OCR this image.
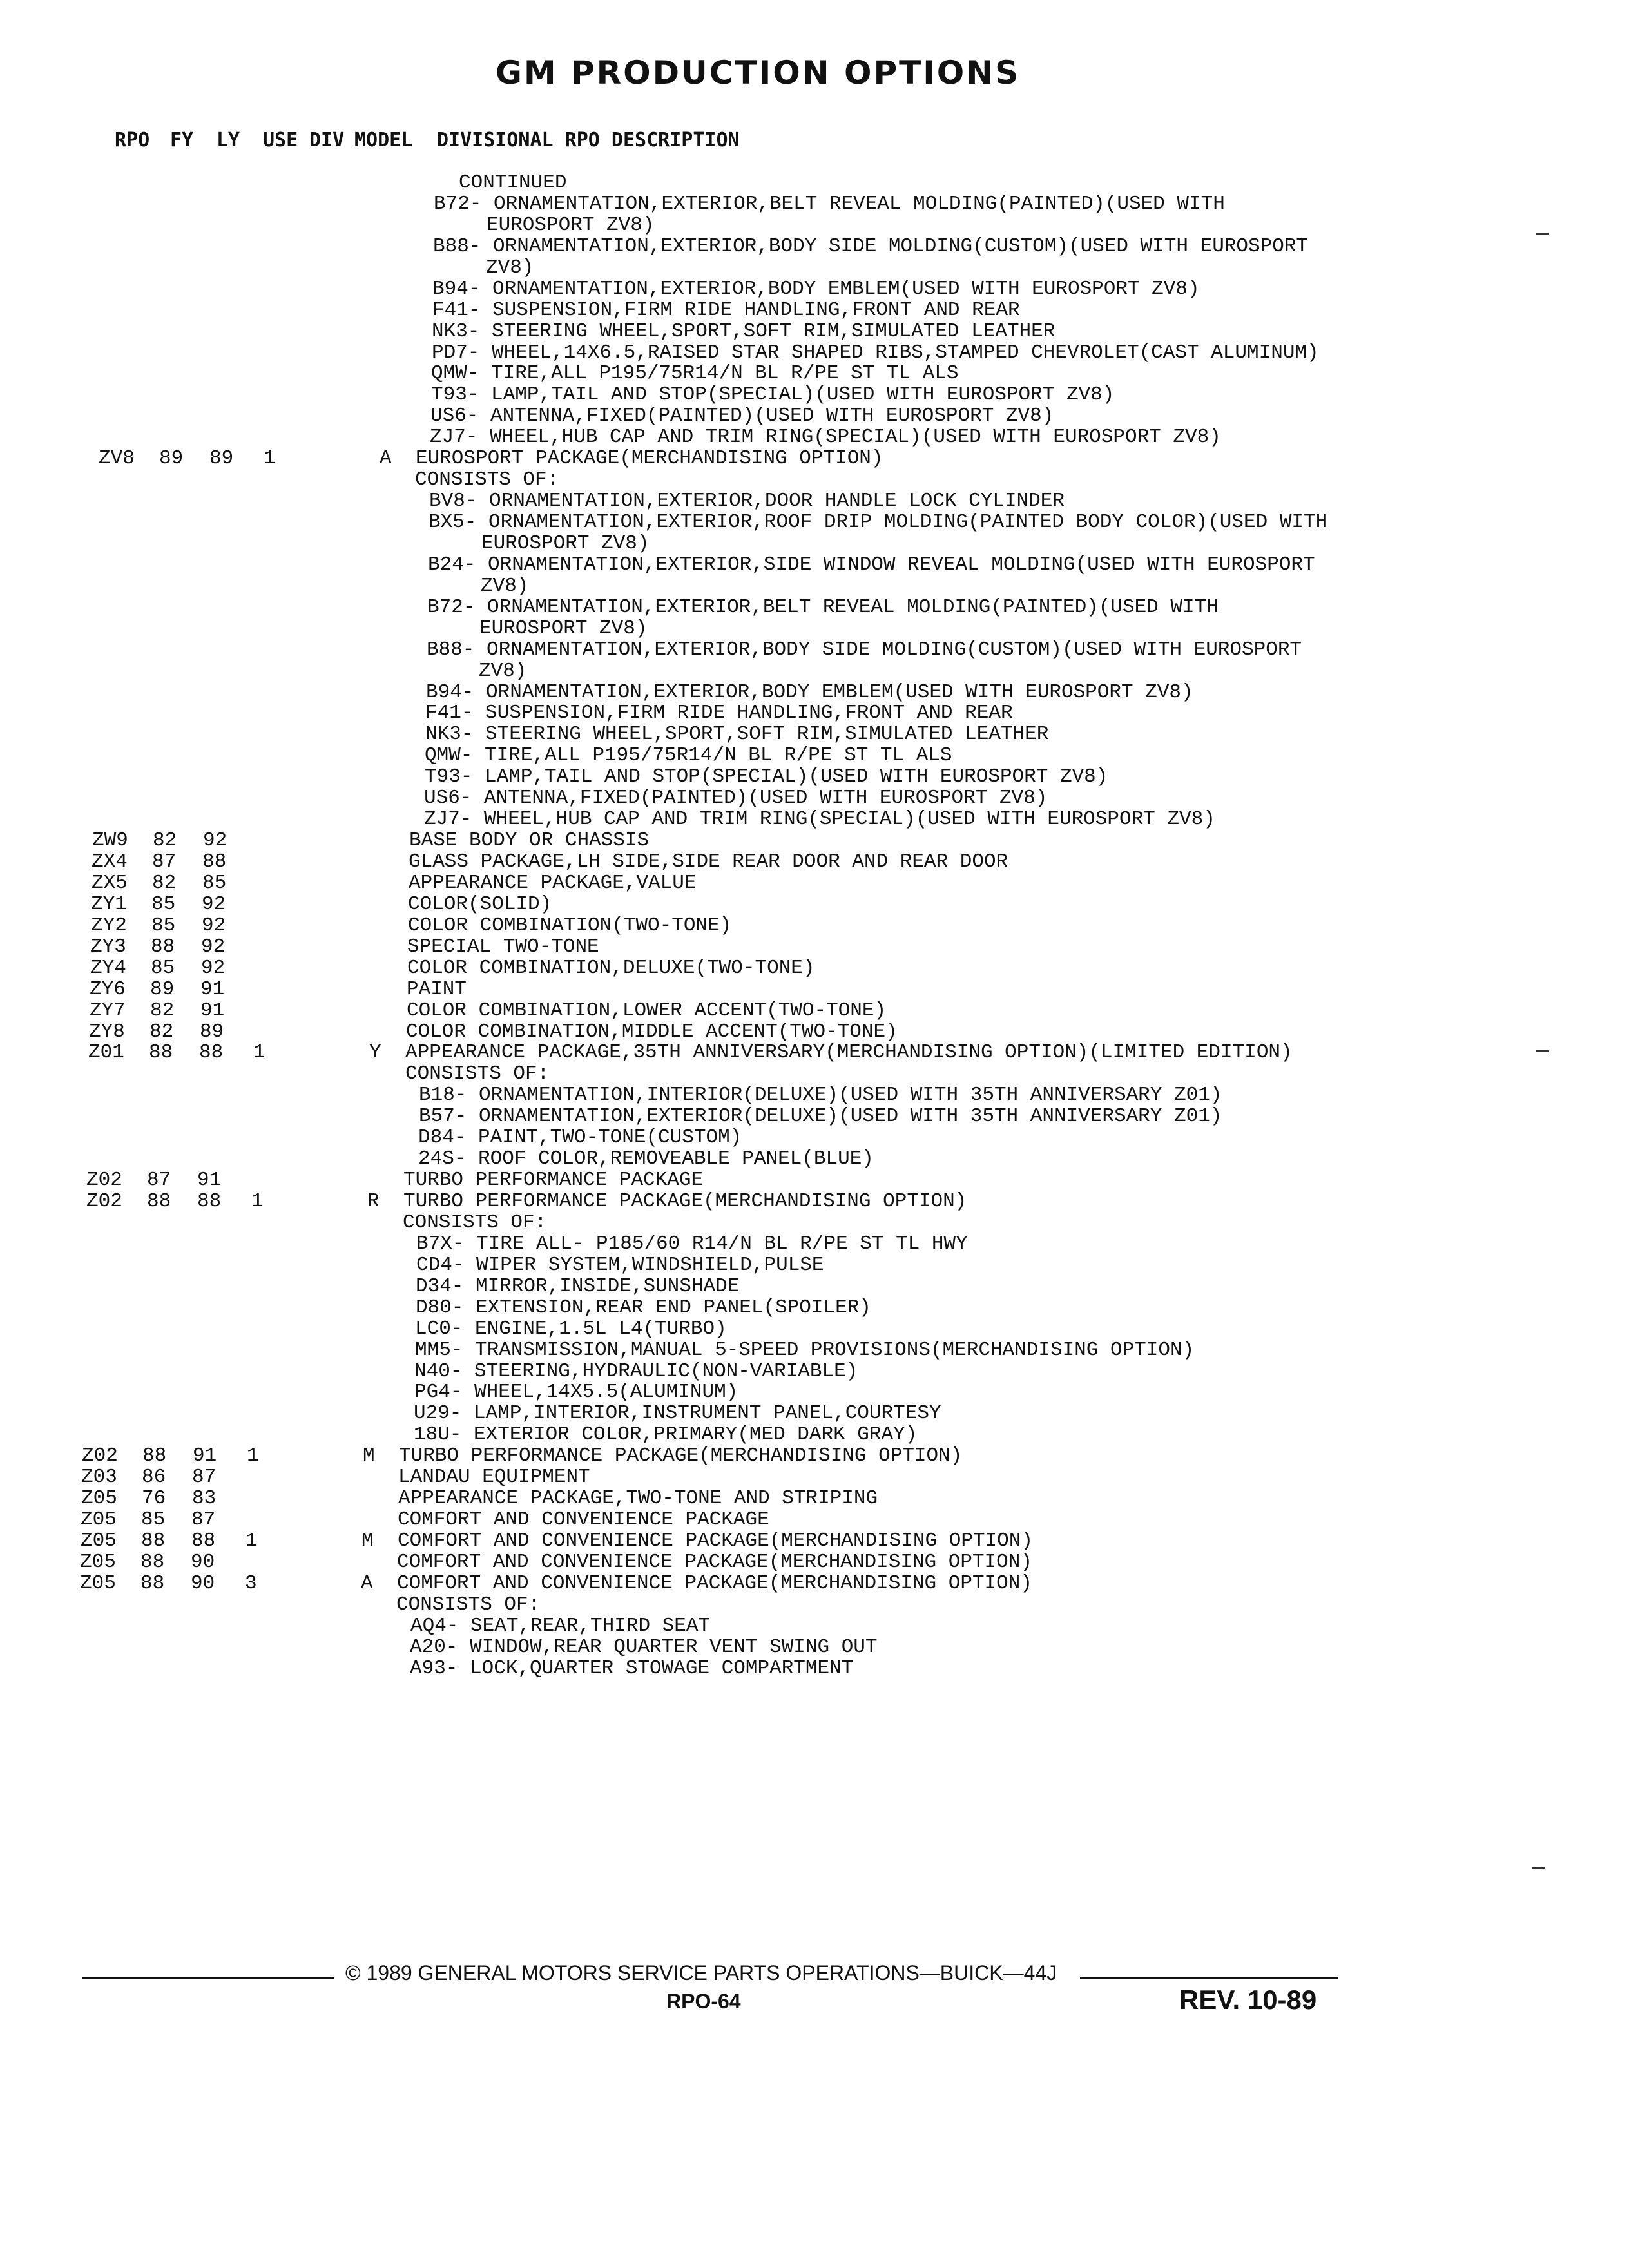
GM PRODUCTION OPTIONS
RPO FY LY USE DIV MODEL DIVISIONAL RPO DESCRIPTION
CONTINUED
B72- ORNAMENTATION,EXTERIOR,BELT REVEAL MOLDING(PAINTED)(USED WITH
EUROSPORT ZV8)
B88- ORNAMENTATION,EXTERIOR,BODY SIDE MOLDING(CUSTOM)(USED WITH EUROSPORT
ZV8)
B94- ORNAMENTATION,EXTERIOR,BODY EMBLEM(USED WITH EUROSPORT ZV8)
F41- SUSPENSION,FIRM RIDE HANDLING,FRONT AND REAR
NK3- STEERING WHEEL,SPORT,SOFT RIM,SIMULATED LEATHER
PD7- WHEEL,14X6.5,RAISED STAR SHAPED RIBS,STAMPED CHEVROLET(CAST ALUMINUM)
QMW- TIRE,ALL P195/75R14/N BL R/PE ST TL ALS
T93- LAMP,TAIL AND STOP(SPECIAL)(USED WITH EUROSPORT ZV8)
US6- ANTENNA,FIXED(PAINTED)(USED WITH EUROSPORT ZV8)
ZJ7- WHEEL,HUB CAP AND TRIM RING(SPECIAL)(USED WITH EUROSPORT ZV8)
ZV8 89 89 1	A EUROSPORT PACKAGE(MERCHANDISING OPTION)
CONSISTS OF:
BV8- ORNAMENTATION,EXTERIOR,DOOR HANDLE LOCK CYLINDER
BX5- ORNAMENTATION,EXTERIOR,ROOF DRIP MOLDING(PAINTED BODY COLOR)(USED WITH
EUROSPORT ZV8)
B24- ORNAMENTATION,EXTERIOR,SIDE WINDOW REVEAL MOLDING(USED WITH EUROSPORT
ZV8)
B72- ORNAMENTATION,EXTERIOR,BELT REVEAL MOLDING(PAINTED)(USED WITH
EUROSPORT ZV8)
B88- ORNAMENTATION,EXTERIOR,BODY SIDE MOLDING(CUSTOM)(USED WITH EUROSPORT
ZV8)
B94- ORNAMENTATION,EXTERIOR,BODY EMBLEM(USED WITH EUROSPORT ZV8)
F41- SUSPENSION,FIRM RIDE HANDLING,FRONT AND REAR
NK3- STEERING WHEEL,SPORT,SOFT RIM,SIMULATED LEATHER
QMW- TIRE,ALL P195/75R14/N BL R/PE ST TL ALS
T93- LAMP,TAIL AND STOP(SPECIAL)(USED WITH EUROSPORT ZV8)
US6- ANTENNA,FIXED(PAINTED)(USED WITH EUROSPORT ZV8)
ZJ7- WHEEL,HUB CAP AND TRIM RING(SPECIAL)(USED WITH EUROSPORT ZV8)
ZW9 82 92	BASE BODY OR CHASSIS
ZX4 87 88	GLASS PACKAGE,LH SIDE,SIDE REAR DOOR AND REAR DOOR
ZX5 82 85	APPEARANCE PACKAGE,VALUE
ZY1 85 92	COLOR(SOLID)
ZY2 85 92	COLOR COMBINATION(TWO-TONE)
ZY3 88 92	SPECIAL TWO-TONE
ZY4 85 92	COLOR COMBINATION,DELUXE(TWO-TONE)
ZY6 89 91	PAINT
ZY7 82 91	COLOR COMBINATION,LOWER ACCENT(TWO-TONE)
ZY8 82 89	COLOR COMBINATION,MIDDLE ACCENT(TWO-TONE)
Z01 88 88 1	Y APPEARANCE PACKAGE,35TH ANNIVERSARY(MERCHANDISING OPTION)(LIMITED EDITION)
CONSISTS OF:
B18- ORNAMENTATION,INTERIOR(DELUXE)(USED WITH 35TH ANNIVERSARY Z01)
B57- ORNAMENTATION,EXTERIOR(DELUXE)(USED WITH 35TH ANNIVERSARY Z01)
D84- PAINT,TWO-TONE(CUSTOM)
24S- ROOF COLOR,REMOVEABLE PANEL(BLUE)
Z02 87 91	TURBO PERFORMANCE PACKAGE
Z02 88 88 1	R TURBO PERFORMANCE PACKAGE(MERCHANDISING OPTION)
CONSISTS OF:
B7X- TIRE ALL- P185/60 R14/N BL R/PE ST TL HWY
CD4- WIPER SYSTEM,WINDSHIELD,PULSE
D34- MIRROR,INSIDE,SUNSHADE
D80- EXTENSION,REAR END PANEL(SPOILER)
LC0- ENGINE,1.5L L4(TURBO)
MM5- TRANSMISSION,MANUAL 5-SPEED PROVISIONS(MERCHANDISING OPTION)
N40- STEERING,HYDRAULIC(NON-VARIABLE)
PG4- WHEEL,14X5.5(ALUMINUM)
U29- LAMP,INTERIOR,INSTRUMENT PANEL,COURTESY
18U- EXTERIOR COLOR,PRIMARY(MED DARK GRAY)
Z02 88 91 1	M TURBO PERFORMANCE PACKAGE(MERCHANDISING OPTION)
Z03 86 87	LANDAU EQUIPMENT
Z05 76 83	APPEARANCE PACKAGE,TWO-TONE AND STRIPING
Z05 85 87	COMFORT AND CONVENIENCE PACKAGE
Z05 88 88 1	M COMFORT AND CONVENIENCE PACKAGE(MERCHANDISING OPTION)
Z05 88 90	COMFORT AND CONVENIENCE PACKAGE(MERCHANDISING OPTION)
Z05 88 90 3	A COMFORT AND CONVENIENCE PACKAGE(MERCHANDISING OPTION)
CONSISTS OF:
AQ4- SEAT,REAR,THIRD SEAT
A20- WINDOW,REAR QUARTER VENT SWING OUT
A93- LOCK,QUARTER STOWAGE COMPARTMENT
© 1989 GENERAL MOTORS SERVICE PARTS OPERATIONS—BUICK—44J
RPO-64	REV. 10-89
